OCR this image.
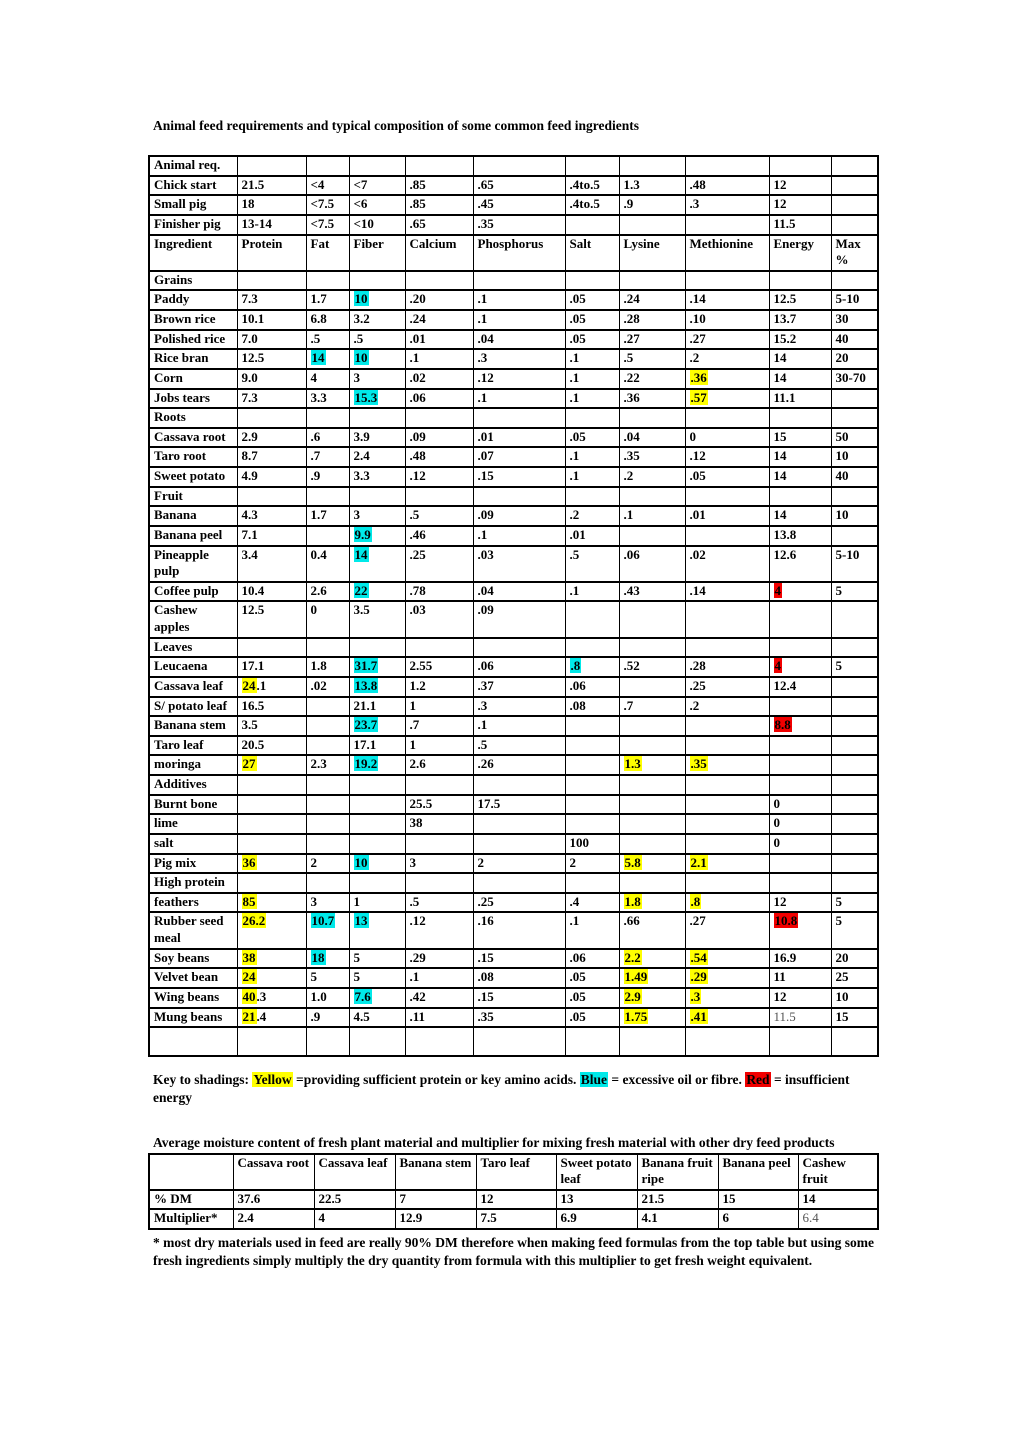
Animal feed requirements and typical composition of some common feed ingredients

Animal req.										
Chick start	21.5	<4	<7	.85	.65	.4to.5	1.3	.48	12	
Small pig	18	<7.5	<6	.85	.45	.4to.5	.9	.3	12	
Finisher pig	13-14	<7.5	<10	.65	.35				11.5	
Ingredient	Protein	Fat	Fiber	Calcium	Phosphorus	Salt	Lysine	Methionine	Energy	Max %
Grains										
Paddy	7.3	1.7	10	.20	.1	.05	.24	.14	12.5	5-10
Brown rice	10.1	6.8	3.2	.24	.1	.05	.28	.10	13.7	30
Polished rice	7.0	.5	.5	.01	.04	.05	.27	.27	15.2	40
Rice bran	12.5	14	10	.1	.3	.1	.5	.2	14	20
Corn	9.0	4	3	.02	.12	.1	.22	.36	14	30-70
Jobs tears	7.3	3.3	15.3	.06	.1	.1	.36	.57	11.1	
Roots										
Cassava root	2.9	.6	3.9	.09	.01	.05	.04	0	15	50
Taro root	8.7	.7	2.4	.48	.07	.1	.35	.12	14	10
Sweet potato	4.9	.9	3.3	.12	.15	.1	.2	.05	14	40
Fruit										
Banana	4.3	1.7	3	.5	.09	.2	.1	.01	14	10
Banana peel	7.1		9.9	.46	.1	.01			13.8	
Pineapple pulp	3.4	0.4	14	.25	.03	.5	.06	.02	12.6	5-10
Coffee pulp	10.4	2.6	22	.78	.04	.1	.43	.14	4	5
Cashew apples	12.5	0	3.5	.03	.09					
Leaves										
Leucaena	17.1	1.8	31.7	2.55	.06	.8	.52	.28	4	5
Cassava leaf	24.1	.02	13.8	1.2	.37	.06		.25	12.4	
S/ potato leaf	16.5		21.1	1	.3	.08	.7	.2		
Banana stem	3.5		23.7	.7	.1				8.8	
Taro leaf	20.5		17.1	1	.5					
moringa	27	2.3	19.2	2.6	.26		1.3	.35		
Additives										
Burnt bone				25.5	17.5				0	
lime				38					0	
salt						100			0	
Pig mix	36	2	10	3	2	2	5.8	2.1		
High protein										
feathers	85	3	1	.5	.25	.4	1.8	.8	12	5
Rubber seed meal	26.2	10.7	13	.12	.16	.1	.66	.27	10.8	5
Soy beans	38	18	5	.29	.15	.06	2.2	.54	16.9	20
Velvet bean	24	5	5	.1	.08	.05	1.49	.29	11	25
Wing beans	40.3	1.0	7.6	.42	.15	.05	2.9	.3	12	10
Mung beans	21.4	.9	4.5	.11	.35	.05	1.75	.41	11.5	15

Key to shadings: Yellow =providing sufficient protein or key amino acids. Blue = excessive oil or fibre. Red = insufficient energy

Average moisture content of fresh plant material and multiplier for mixing fresh material with other dry feed products

	Cassava root	Cassava leaf	Banana stem	Taro leaf	Sweet potato leaf	Banana fruit ripe	Banana peel	Cashew fruit
% DM	37.6	22.5	7	12	13	21.5	15	14
Multiplier*	2.4	4	12.9	7.5	6.9	4.1	6	6.4

* most dry materials used in feed are really 90% DM therefore when making feed formulas from the top table but using some fresh ingredients simply multiply the dry quantity from formula with this multiplier to get fresh weight equivalent.
